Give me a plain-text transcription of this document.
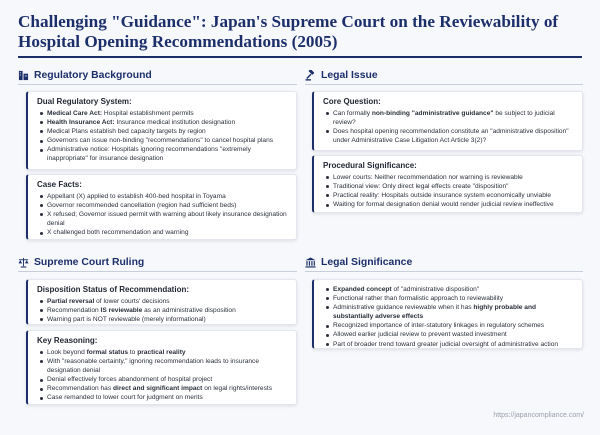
Challenging "Guidance": Japan's Supreme Court on the Reviewability of Hospital Opening Recommendations (2005)
Regulatory Background
Dual Regulatory System:
Medical Care Act: Hospital establishment permits
Health Insurance Act: Insurance medical institution designation
Medical Plans establish bed capacity targets by region
Governors can issue non-binding "recommendations" to cancel hospital plans
Administrative notice: Hospitals ignoring recommendations "extremely inappropriate" for insurance designation
Case Facts:
Appellant (X) applied to establish 400-bed hospital in Toyama
Governor recommended cancellation (region had sufficient beds)
X refused; Governor issued permit with warning about likely insurance designation denial
X challenged both recommendation and warning
Legal Issue
Core Question:
Can formally non-binding "administrative guidance" be subject to judicial review?
Does hospital opening recommendation constitute an "administrative disposition" under Administrative Case Litigation Act Article 3(2)?
Procedural Significance:
Lower courts: Neither recommendation nor warning is reviewable
Traditional view: Only direct legal effects create "disposition"
Practical reality: Hospitals outside insurance system economically unviable
Waiting for formal designation denial would render judicial review ineffective
Supreme Court Ruling
Disposition Status of Recommendation:
Partial reversal of lower courts' decisions
Recommendation IS reviewable as an administrative disposition
Warning part is NOT reviewable (merely informational)
Key Reasoning:
Look beyond formal status to practical reality
With "reasonable certainty," ignoring recommendation leads to insurance designation denial
Denial effectively forces abandonment of hospital project
Recommendation has direct and significant impact on legal rights/interests
Case remanded to lower court for judgment on merits
Legal Significance
Expanded concept of "administrative disposition"
Functional rather than formalistic approach to reviewability
Administrative guidance reviewable when it has highly probable and substantially adverse effects
Recognized importance of inter-statutory linkages in regulatory schemes
Allowed earlier judicial review to prevent wasted investment
Part of broader trend toward greater judicial oversight of administrative action
https://japancompliance.com/
